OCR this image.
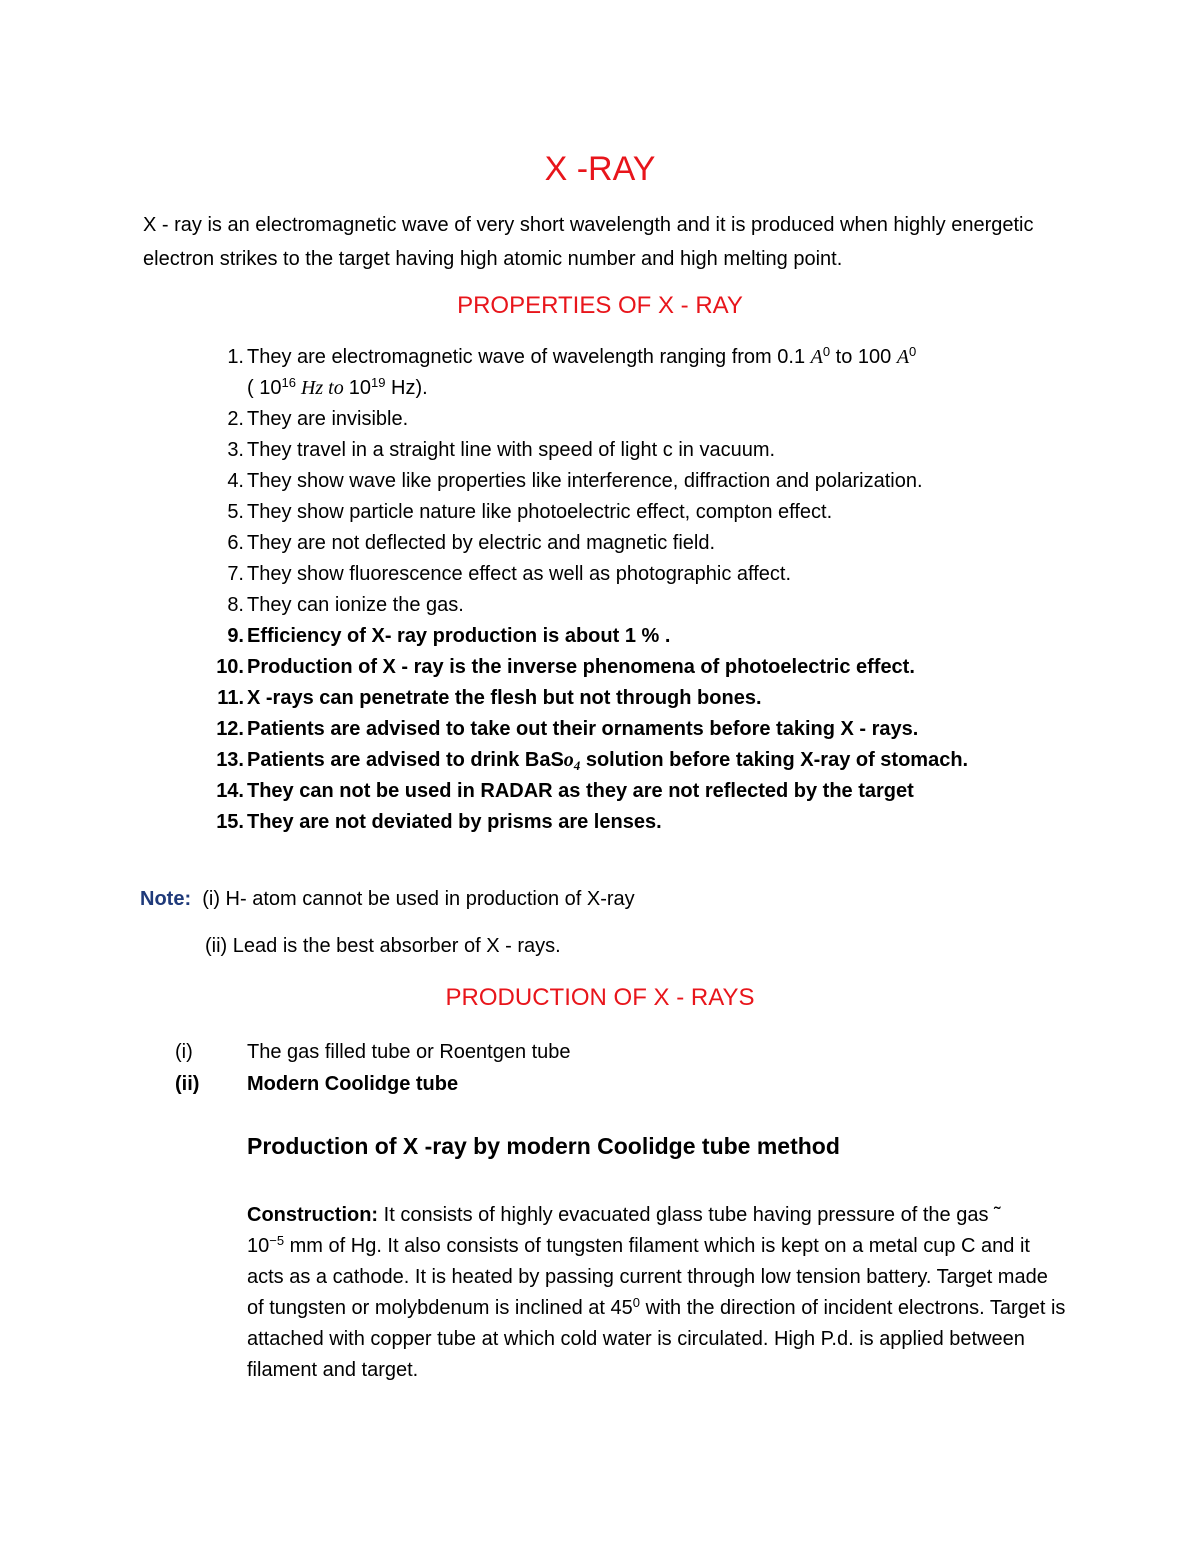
X -RAY
X - ray is an electromagnetic wave of very short wavelength and it is produced when highly energetic electron strikes to the target having high atomic number and high melting point.
PROPERTIES OF X - RAY
1. They are electromagnetic wave of wavelength ranging from 0.1 $A^0$ to 100 $A^0$
( $10^{16}$ Hz to $10^{19}$ Hz).
2. They are invisible.
3. They travel in a straight line with speed of light c in vacuum.
4. They show wave like properties like interference, diffraction and polarization.
5. They show particle nature like photoelectric effect, compton effect.
6. They are not deflected by electric and magnetic field.
7. They show fluorescence effect as well as photographic affect.
8. They can ionize the gas.
9. Efficiency of X- ray production is about 1 % .
10. Production of X - ray is the inverse phenomena of photoelectric effect.
11. X -rays can penetrate the flesh but not through bones.
12. Patients are advised to take out their ornaments before taking X - rays.
13. Patients are advised to drink BaSo$_4$ solution before taking X-ray of stomach.
14. They can not be used in RADAR as they are not reflected by the target
15. They are not deviated by prisms are lenses.
Note: (i) H- atom cannot be used in production of X-ray
(ii) Lead is the best absorber of X - rays.
PRODUCTION OF X - RAYS
(i)	The gas filled tube or Roentgen tube
(ii) Modern Coolidge tube
Production of X -ray by modern Coolidge tube method
Construction: It consists of highly evacuated glass tube having pressure of the gas ˜
$10^{-5}$ mm of Hg. It also consists of tungsten filament which is kept on a metal cup C and it acts as a cathode. It is heated by passing current through low tension battery. Target made of tungsten or molybdenum is inclined at $45^0$ with the direction of incident electrons. Target is attached with copper tube at which cold water is circulated. High P.d. is applied between filament and target.
